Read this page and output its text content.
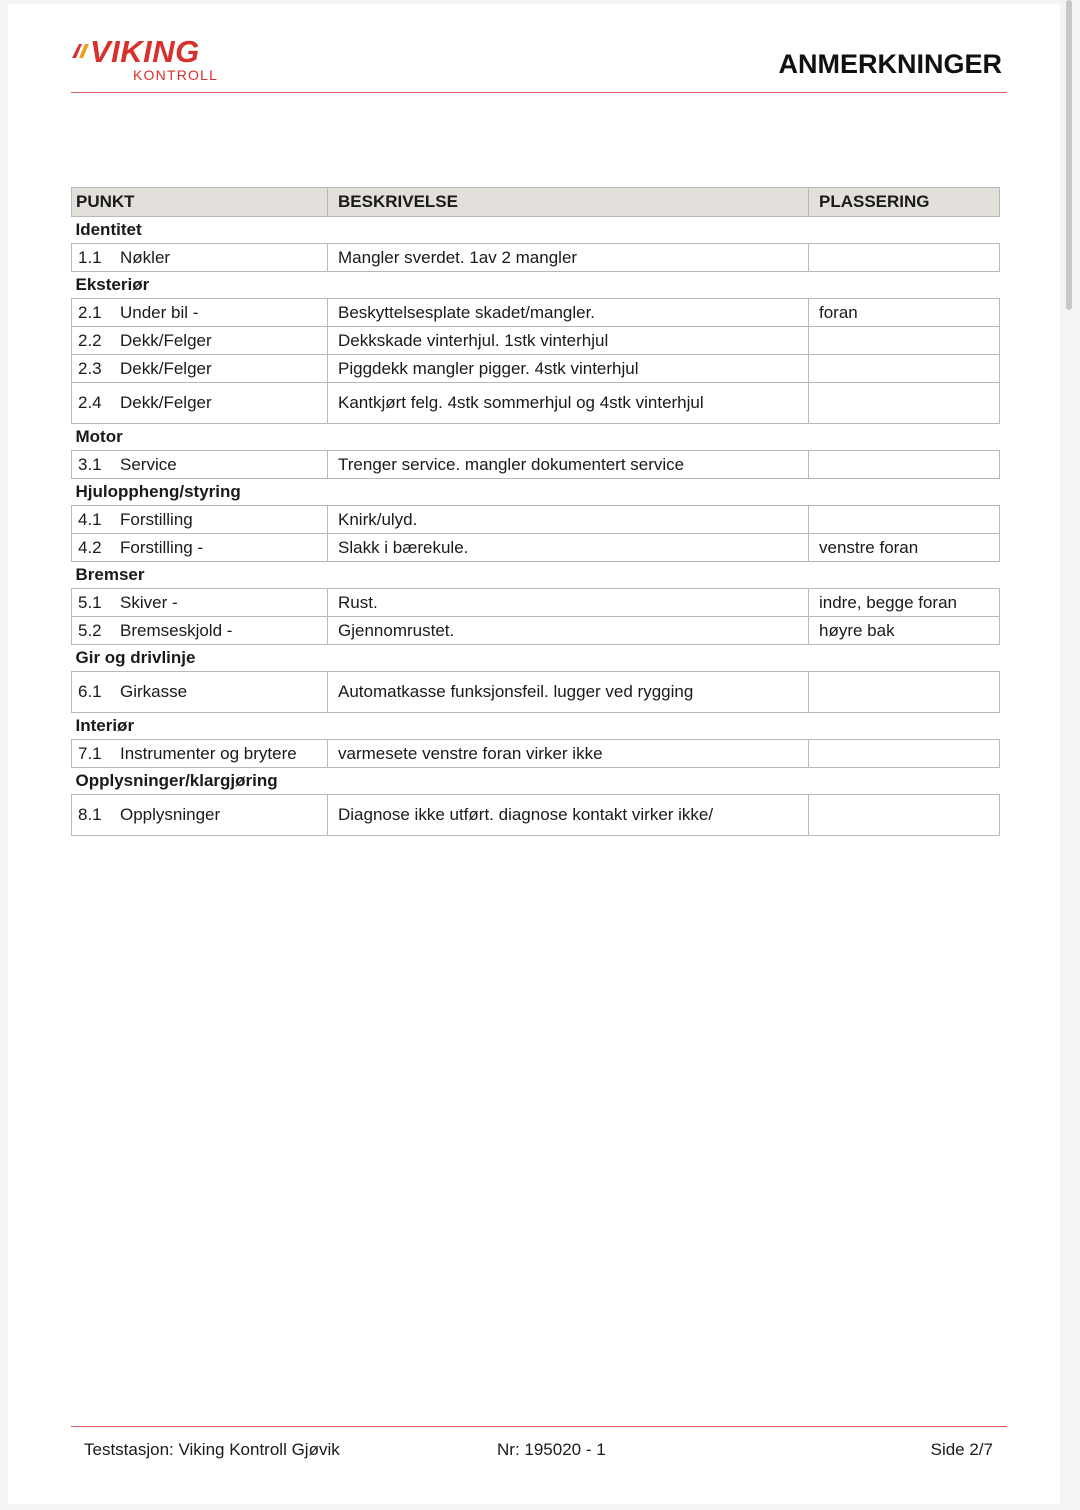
VIKING
KONTROLL	ANMERKNINGER
PUNKT	BESKRIVELSE	PLASSERING
Identitet		
1.1 Nøkler	Mangler sverdet. 1av 2 mangler	
Eksteriør		
2.1 Under bil -	Beskyttelsesplate skadet/mangler.	foran
2.2 Dekk/Felger	Dekkskade vinterhjul. 1stk vinterhjul	
2.3 Dekk/Felger	Piggdekk mangler pigger. 4stk vinterhjul	
2.4 Dekk/Felger	Kantkjørt felg. 4stk sommerhjul og 4stk vinterhjul	
Motor		
3.1 Service	Trenger service. mangler dokumentert service	
Hjuloppheng/styring		
4.1 Forstilling	Knirk/ulyd.	
4.2 Forstilling -	Slakk i bærekule.	venstre foran
Bremser		
5.1 Skiver -	Rust.	indre, begge foran
5.2 Bremseskjold -	Gjennomrustet.	høyre bak
Gir og drivlinje		
6.1 Girkasse	Automatkasse funksjonsfeil. lugger ved rygging	
Interiør		
7.1 Instrumenter og brytere	varmesete venstre foran virker ikke	
Opplysninger/klargjøring		
8.1 Opplysninger	Diagnose ikke utført. diagnose kontakt virker ikke/	
Teststasjon: Viking Kontroll Gjøvik	Nr: 195020 - 1	Side 2/7
